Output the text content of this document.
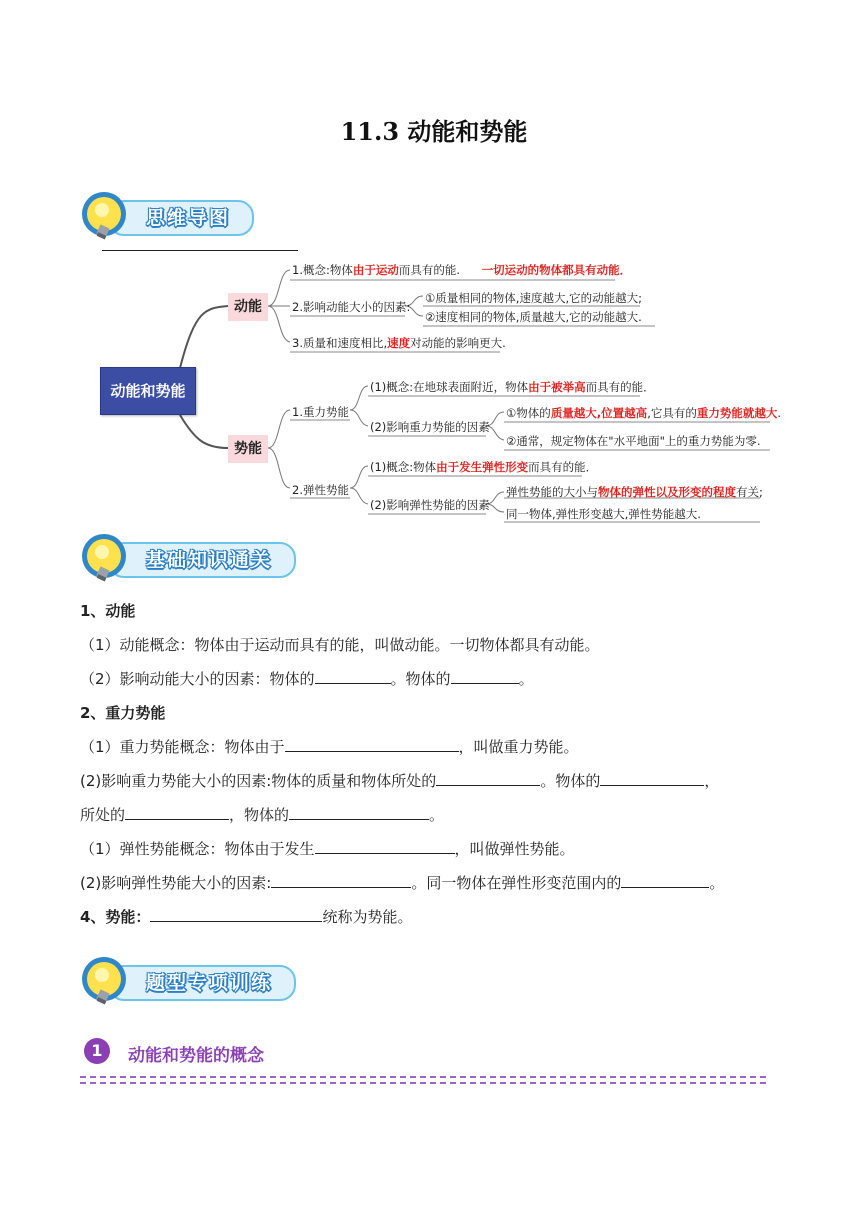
11.3 动能和势能
思维导图
动能和势能
动能
势能
1.概念:物体由于运动而具有的能. 一切运动的物体都具有动能．
2.影响动能大小的因素:
①质量相同的物体,速度越大,它的动能越大;
②速度相同的物体,质量越大,它的动能越大.
3.质量和速度相比,速度对动能的影响更大.
1.重力势能
(1)概念:在地球表面附近，物体由于被举高而具有的能．
(2)影响重力势能的因素
①物体的质量越大,位置越高,它具有的重力势能就越大.
②通常，规定物体在"水平地面"上的重力势能为零.
2.弹性势能
(1)概念:物体由于发生弹性形变而具有的能．
(2)影响弹性势能的因素
弹性势能的大小与物体的弹性以及形变的程度有关;
同一物体,弹性形变越大,弹性势能越大.
基础知识通关
1、动能
（1）动能概念：物体由于运动而具有的能，叫做动能。一切物体都具有动能。
（2）影响动能大小的因素：物体的	。物体的	。
2、重力势能
（1）重力势能概念：物体由于	，叫做重力势能。
(2)影响重力势能大小的因素:物体的质量和物体所处的	。物体的	，
所处的	，物体的	。
（1）弹性势能概念：物体由于发生	，叫做弹性势能。
(2)影响弹性势能大小的因素:	。同一物体在弹性形变范围内的	。
4、势能：	统称为势能。
题型专项训练
1	动能和势能的概念
